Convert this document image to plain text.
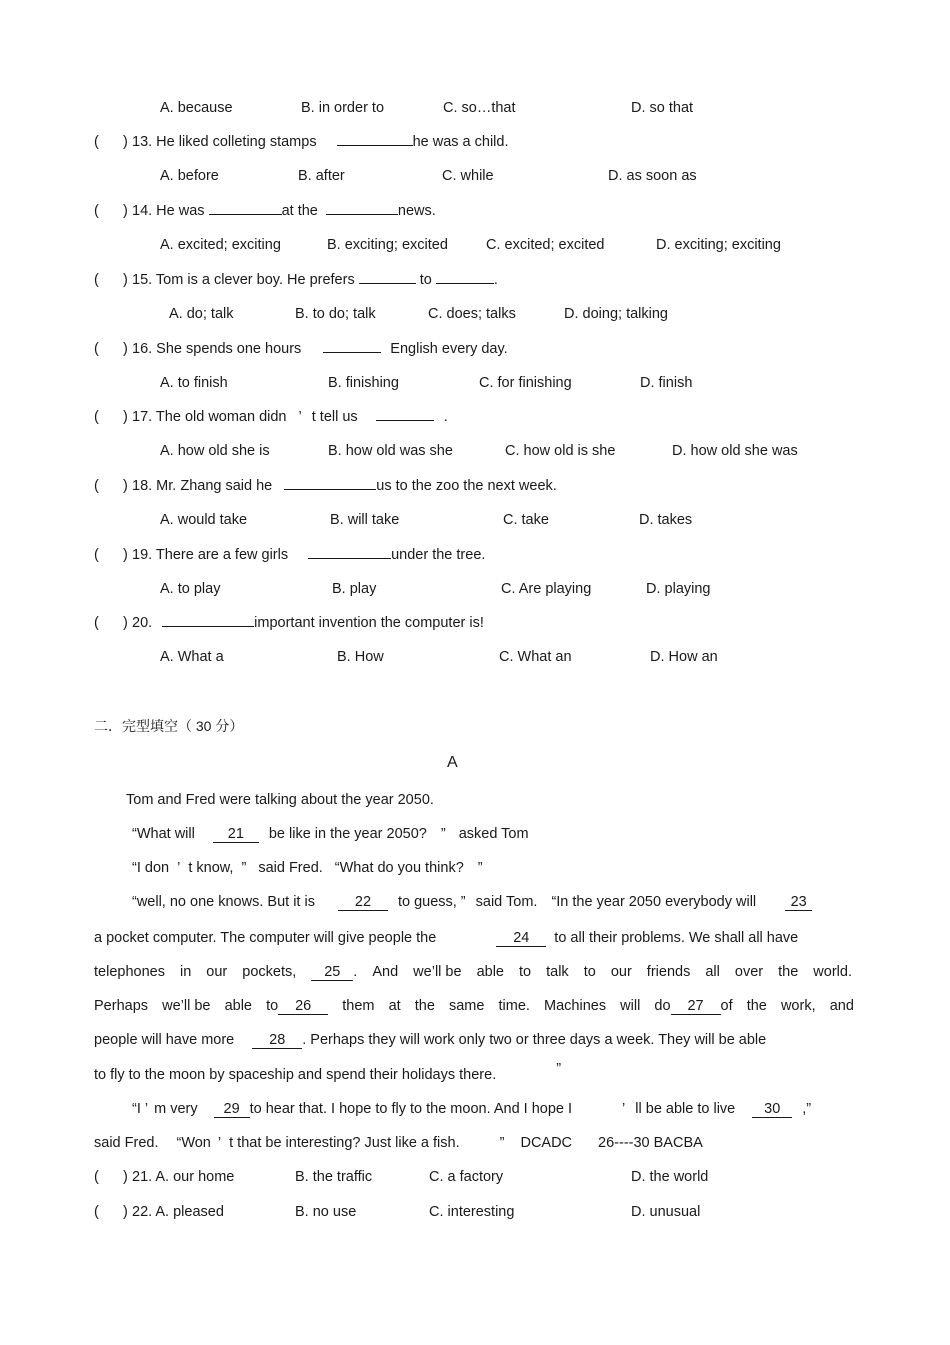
A. because	B. in order to	C. so…that	D. so that
( ) 13. He liked colleting stamps	he was a child.
A. before	B. after	C. while	D. as soon as
( ) 14. He was	at the	news.
A. excited; exciting	B. exciting; excited	C. excited; excited	D. exciting; exciting
( ) 15. Tom is a clever boy. He prefers	to	.
A. do; talk	B. to do; talk	C. does; talks	D. doing; talking
( ) 16. She spends one hours	English every day.
A. to finish	B. finishing	C. for finishing	D. finish
( ) 17. The old woman didn ’ t tell us	.
A. how old she is	B. how old was she	C. how old is she	D. how old she was
( ) 18. Mr. Zhang said he	us to the zoo the next week.
A. would take	B. will take	C. take	D. takes
( ) 19. There are a few girls	under the tree.
A. to play	B. play	C. Are playing	D. playing
( ) 20.	important invention the computer is!
A. What a	B. How	C. What an	D. How an
二．完型填空（ 30 分）
A
Tom and Fred were talking about the year 2050.
“What will 21 be like in the year 2050? ” asked Tom
“I don ’ t know, ” said Fred. “What do you think? ”
“well, no one knows. But it is	22 to guess, ” said Tom. “In the year 2050 everybody will 23
a pocket computer. The computer will give people the	24 to all their problems. We shall all have
telephones in our pockets,	25 . And we’ll be able to talk to our friends all over the world.
Perhaps we’ll be able to 26	them at the same time. Machines will do 27 of the work, and
people will have more 28 . Perhaps they will work only two or three days a week. They will be able
to fly to the moon by spaceship and spend their holidays there.	”
“I ’ m very 29 to hear that. I hope to fly to the moon. And I hope I	’ ll be able to live 30 ,”
said Fred. “Won ’ t that be interesting? Just like a fish.	” DCADC 26----30 BACBA
( ) 21. A. our home	B. the traffic	C. a factory	D. the world
( ) 22. A. pleased	B. no use	C. interesting	D. unusual
